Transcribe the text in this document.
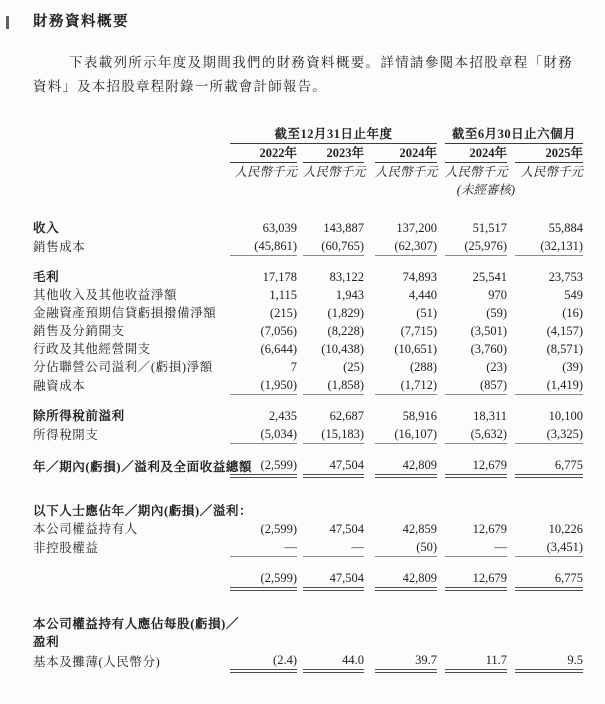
財務資料概要

下表載列所示年度及期間我們的財務資料概要。詳情請參閱本招股章程「財務資料」及本招股章程附錄一所載會計師報告。

	截至12月31日止年度						截至6月30日止六個月		
	2022年		2023年		2024年		2024年		2025年
	人民幣千元		人民幣千元		人民幣千元		人民幣千元		人民幣千元
							(未經審核)		

收入	63,039		143,887		137,200		51,517		55,884
銷售成本	(45,861)		(60,765)		(62,307)		(25,976)		(32,131)

毛利	17,178		83,122		74,893		25,541		23,753
其他收入及其他收益淨額	1,115		1,943		4,440		970		549
金融資產預期信貸虧損撥備淨額	(215)		(1,829)		(51)		(59)		(16)
銷售及分銷開支	(7,056)		(8,228)		(7,715)		(3,501)		(4,157)
行政及其他經營開支	(6,644)		(10,438)		(10,651)		(3,760)		(8,571)
分佔聯營公司溢利／(虧損)淨額	7		(25)		(288)		(23)		(39)
融資成本	(1,950)		(1,858)		(1,712)		(857)		(1,419)

除所得稅前溢利	2,435		62,687		58,916		18,311		10,100
所得稅開支	(5,034)		(15,183)		(16,107)		(5,632)		(3,325)

年／期內(虧損)／溢利及全面收益總額	(2,599)		47,504		42,809		12,679		6,775

以下人士應佔年／期內(虧損)／溢利：									
本公司權益持有人	(2,599)		47,504		42,859		12,679		10,226
非控股權益	—		—		(50)		—		(3,451)

	(2,599)		47,504		42,809		12,679		6,775

本公司權益持有人應佔每股(虧損)／									
盈利									
基本及攤薄(人民幣分)	(2.4)		44.0		39.7		11.7		9.5
